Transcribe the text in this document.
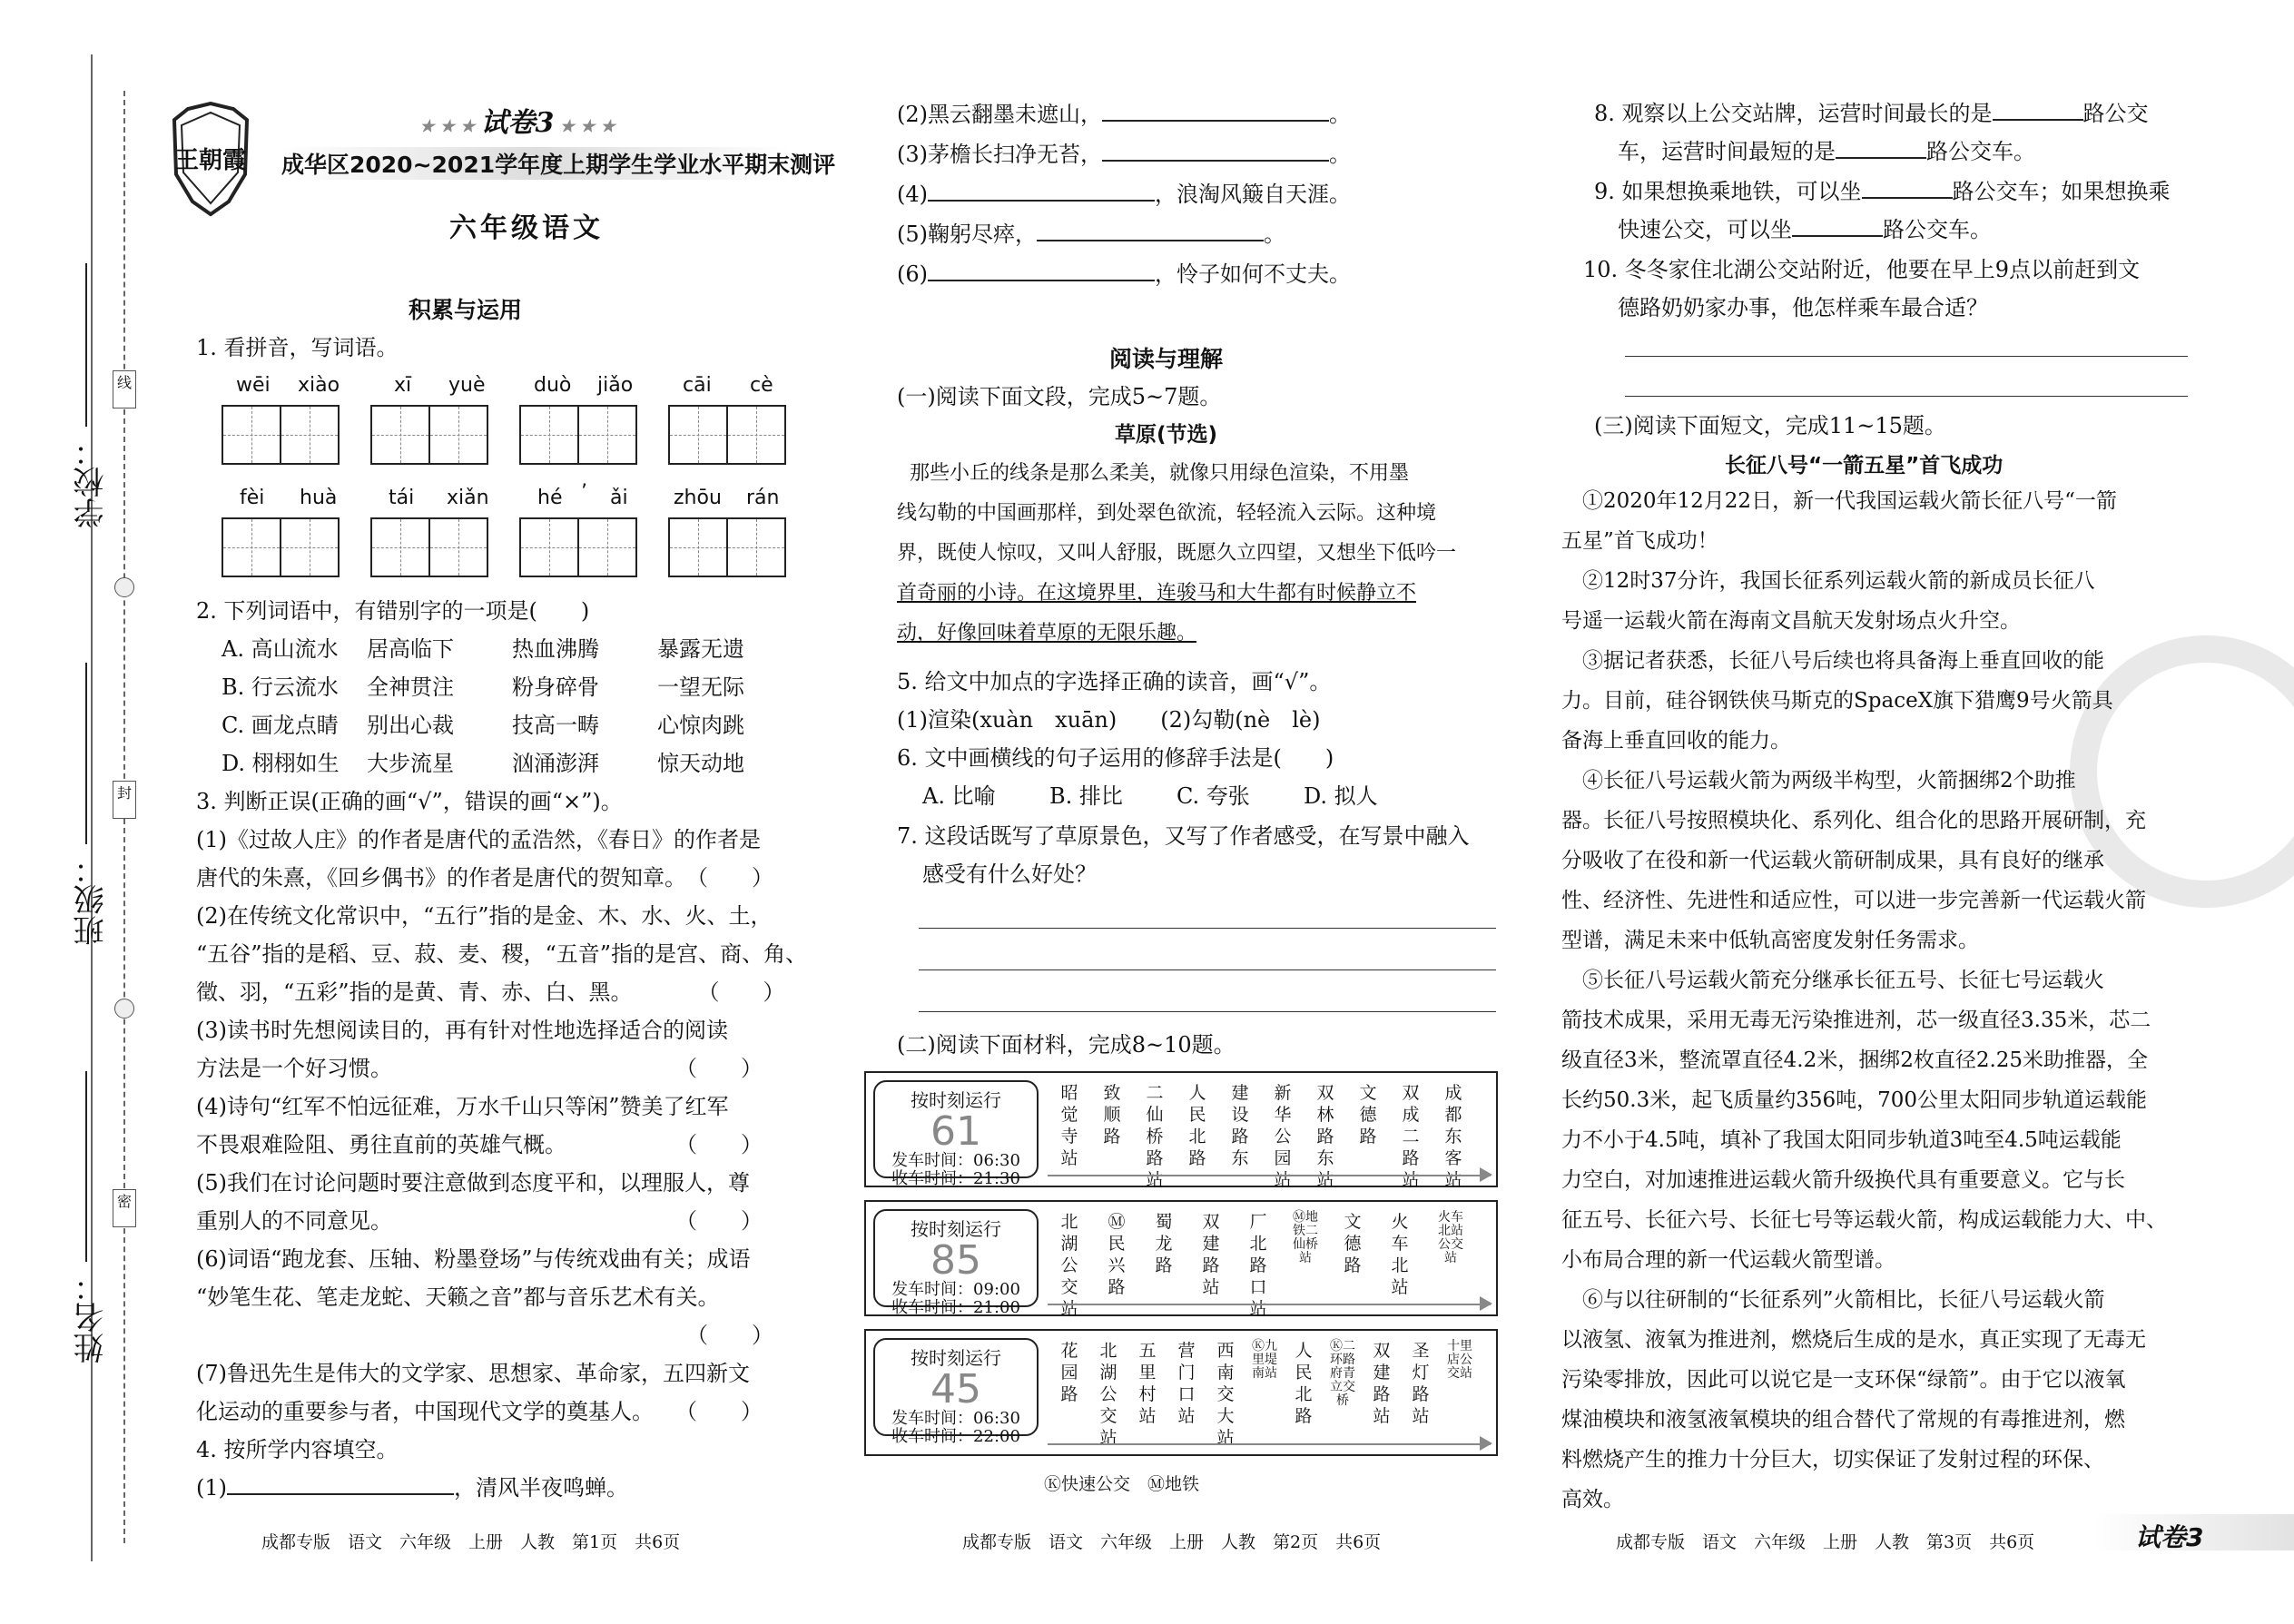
学校：
班级：
姓名：
线
封
密
王朝霞
★ ★ ★ 试卷3 ★ ★ ★
成华区2020~2021学年度上期学生学业水平期末测评
六年级语文
积累与运用
1. 看拼音，写词语。
wēi xiào	xī yuè duò jiǎo cāi cè
fèi huà	tái xiǎn hé ’ ǎi zhōu rán
2. 下列词语中，有错别字的一项是(　　)
A. 高山流水 居高临下	热血沸腾	暴露无遗
B. 行云流水 全神贯注	粉身碎骨	一望无际
C. 画龙点睛 别出心裁	技高一畴	心惊肉跳
D. 栩栩如生 大步流星	汹涌澎湃	惊天动地
3. 判断正误(正确的画“√”，错误的画“×”)。
(1)《过故人庄》的作者是唐代的孟浩然，《春日》的作者是
唐代的朱熹，《回乡偶书》的作者是唐代的贺知章。　（　　）
(2)在传统文化常识中，“五行”指的是金、木、水、火、土，
“五谷”指的是稻、豆、菽、麦、稷，“五音”指的是宫、商、角、
徵、羽，“五彩”指的是黄、青、赤、白、黑。　　　　（　　）
(3)读书时先想阅读目的，再有针对性地选择适合的阅读
方法是一个好习惯。　　　　　　　　　　　　　　（　　）
(4)诗句“红军不怕远征难，万水千山只等闲”赞美了红军
不畏艰难险阻、勇往直前的英雄气概。　　　　　　（　　）
(5)我们在讨论问题时要注意做到态度平和，以理服人，尊
重别人的不同意见。　　　　　　　　　　　　　　（　　）
(6)词语“跑龙套、压轴、粉墨登场”与传统戏曲有关；成语
“妙笔生花、笔走龙蛇、天籁之音”都与音乐艺术有关。
　　　　　　　　　　　　　　　　　　　　　　　（　　）
(7)鲁迅先生是伟大的文学家、思想家、革命家，五四新文
化运动的重要参与者，中国现代文学的奠基人。　　（　　）
4. 按所学内容填空。
(1)	，清风半夜鸣蝉。
(2)黑云翻墨未遮山，	。
(3)茅檐长扫净无苔，	。
(4)	，浪淘风簸自天涯。
(5)鞠躬尽瘁，	。
(6)	，怜子如何不丈夫。
阅读与理解
(一)阅读下面文段，完成5~7题。
草原(节选)
那些小丘的线条是那么柔美，就像只用绿色渲染，不用墨
线勾勒的中国画那样，到处翠色欲流，轻轻流入云际。这种境
界，既使人惊叹，又叫人舒服，既愿久立四望，又想坐下低吟一
首奇丽的小诗。在这境界里，连骏马和大牛都有时候静立不
动，好像回味着草原的无限乐趣。
5. 给文中加点的字选择正确的读音，画“√”。
(1)渲染(xuàn　xuān)　　(2)勾勒(nè　lè)
6. 文中画横线的句子运用的修辞手法是(　　)
A. 比喻 B. 排比 C. 夸张 D. 拟人
7. 这段话既写了草原景色，又写了作者感受，在写景中融入
感受有什么好处？
(二)阅读下面材料，完成8~10题。
按时刻运行
61
发车时间：06:30
收车时间：21:30
昭觉寺站
致顺路
二仙桥路站
人民北路
建设路东
新华公园站
双林路东站
文德路
双成二路站
成都东客站
按时刻运行
85
发车时间：09:00
收车时间：21:00
北湖公交站
Ⓜ民兴路
蜀龙路
双建路站
厂北路口站
Ⓜ地铁二仙桥站
文德路
火车北站
火车北站公交站
按时刻运行
45
发车时间：06:30
收车时间：22:00
花园路
北湖公交站
五里村站
营门口站
西南交大站
Ⓚ九里堤南站
人民北路
Ⓚ二环路府青立交桥
双建路站
圣灯路站
十里店公交站
Ⓚ快速公交　 Ⓜ地铁
8. 观察以上公交站牌，运营时间最长的是	路公交
车，运营时间最短的是	路公交车。
9. 如果想换乘地铁，可以坐	路公交车；如果想换乘
快速公交，可以坐	路公交车。
10. 冬冬家住北湖公交站附近，他要在早上9点以前赶到文
德路奶奶家办事，他怎样乘车最合适？
(三)阅读下面短文，完成11~15题。
长征八号“一箭五星”首飞成功
　①2020年12月22日，新一代我国运载火箭长征八号“一箭
五星”首飞成功！
　②12时37分许，我国长征系列运载火箭的新成员长征八
号遥一运载火箭在海南文昌航天发射场点火升空。
　③据记者获悉，长征八号后续也将具备海上垂直回收的能
力。目前，硅谷钢铁侠马斯克的SpaceX旗下猎鹰9号火箭具
备海上垂直回收的能力。
　④长征八号运载火箭为两级半构型，火箭捆绑2个助推
器。长征八号按照模块化、系列化、组合化的思路开展研制，充
分吸收了在役和新一代运载火箭研制成果，具有良好的继承
性、经济性、先进性和适应性，可以进一步完善新一代运载火箭
型谱，满足未来中低轨高密度发射任务需求。
　⑤长征八号运载火箭充分继承长征五号、长征七号运载火
箭技术成果，采用无毒无污染推进剂，芯一级直径3.35米，芯二
级直径3米，整流罩直径4.2米，捆绑2枚直径2.25米助推器，全
长约50.3米，起飞质量约356吨，700公里太阳同步轨道运载能
力不小于4.5吨，填补了我国太阳同步轨道3吨至4.5吨运载能
力空白，对加速推进运载火箭升级换代具有重要意义。它与长
征五号、长征六号、长征七号等运载火箭，构成运载能力大、中、
小布局合理的新一代运载火箭型谱。
　⑥与以往研制的“长征系列”火箭相比，长征八号运载火箭
以液氢、液氧为推进剂，燃烧后生成的是水，真正实现了无毒无
污染零排放，因此可以说它是一支环保“绿箭”。由于它以液氧
煤油模块和液氢液氧模块的组合替代了常规的有毒推进剂，燃
料燃烧产生的推力十分巨大，切实保证了发射过程的环保、
高效。
成都专版　语文　六年级　上册　人教　第1页　共6页	成都专版　语文　六年级　上册　人教　第2页　共6页	成都专版　语文　六年级　上册　人教　第3页　共6页	试卷3
